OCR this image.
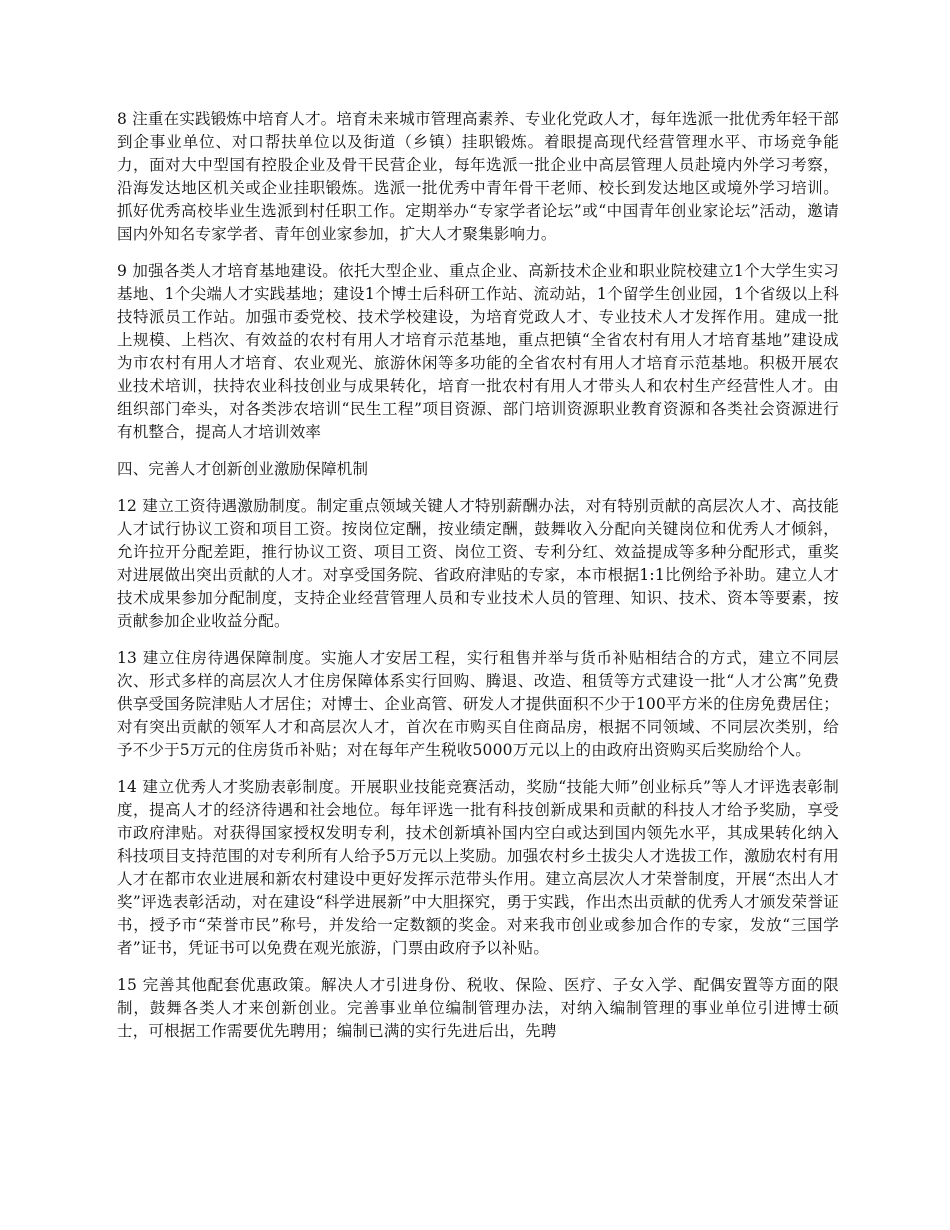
8 注重在实践锻炼中培育人才。培育未来城市管理高素养、专业化党政人才，每年选派一批优秀年轻干部到企事业单位、对口帮扶单位以及街道（乡镇）挂职锻炼。着眼提高现代经营管理水平、市场竞争能力，面对大中型国有控股企业及骨干民营企业，每年选派一批企业中高层管理人员赴境内外学习考察，沿海发达地区机关或企业挂职锻炼。选派一批优秀中青年骨干老师、校长到发达地区或境外学习培训。抓好优秀高校毕业生选派到村任职工作。定期举办“专家学者论坛”或“中国青年创业家论坛”活动，邀请国内外知名专家学者、青年创业家参加，扩大人才聚集影响力。

9 加强各类人才培育基地建设。依托大型企业、重点企业、高新技术企业和职业院校建立1个大学生实习基地、1个尖端人才实践基地；建设1个博士后科研工作站、流动站，1个留学生创业园，1个省级以上科技特派员工作站。加强市委党校、技术学校建设，为培育党政人才、专业技术人才发挥作用。建成一批上规模、上档次、有效益的农村有用人才培育示范基地，重点把镇“全省农村有用人才培育基地”建设成为市农村有用人才培育、农业观光、旅游休闲等多功能的全省农村有用人才培育示范基地。积极开展农业技术培训，扶持农业科技创业与成果转化，培育一批农村有用人才带头人和农村生产经营性人才。由组织部门牵头，对各类涉农培训“民生工程”项目资源、部门培训资源职业教育资源和各类社会资源进行有机整合，提高人才培训效率

四、完善人才创新创业激励保障机制

12 建立工资待遇激励制度。制定重点领域关键人才特别薪酬办法，对有特别贡献的高层次人才、高技能人才试行协议工资和项目工资。按岗位定酬，按业绩定酬，鼓舞收入分配向关键岗位和优秀人才倾斜，允许拉开分配差距，推行协议工资、项目工资、岗位工资、专利分红、效益提成等多种分配形式，重奖对进展做出突出贡献的人才。对享受国务院、省政府津贴的专家，本市根据1:1比例给予补助。建立人才技术成果参加分配制度，支持企业经营管理人员和专业技术人员的管理、知识、技术、资本等要素，按贡献参加企业收益分配。

13 建立住房待遇保障制度。实施人才安居工程，实行租售并举与货币补贴相结合的方式，建立不同层次、形式多样的高层次人才住房保障体系实行回购、腾退、改造、租赁等方式建设一批“人才公寓”免费供享受国务院津贴人才居住；对博士、企业高管、研发人才提供面积不少于100平方米的住房免费居住；对有突出贡献的领军人才和高层次人才，首次在市购买自住商品房，根据不同领域、不同层次类别，给予不少于5万元的住房货币补贴；对在每年产生税收5000万元以上的由政府出资购买后奖励给个人。

14 建立优秀人才奖励表彰制度。开展职业技能竞赛活动，奖励“技能大师”创业标兵”等人才评选表彰制度，提高人才的经济待遇和社会地位。每年评选一批有科技创新成果和贡献的科技人才给予奖励，享受市政府津贴。对获得国家授权发明专利，技术创新填补国内空白或达到国内领先水平，其成果转化纳入科技项目支持范围的对专利所有人给予5万元以上奖励。加强农村乡土拔尖人才选拔工作，激励农村有用人才在都市农业进展和新农村建设中更好发挥示范带头作用。建立高层次人才荣誉制度，开展“杰出人才奖”评选表彰活动，对在建设“科学进展新”中大胆探究，勇于实践，作出杰出贡献的优秀人才颁发荣誉证书，授予市“荣誉市民”称号，并发给一定数额的奖金。对来我市创业或参加合作的专家，发放“三国学者”证书，凭证书可以免费在观光旅游，门票由政府予以补贴。

15 完善其他配套优惠政策。解决人才引进身份、税收、保险、医疗、子女入学、配偶安置等方面的限制，鼓舞各类人才来创新创业。完善事业单位编制管理办法，对纳入编制管理的事业单位引进博士硕士，可根据工作需要优先聘用；编制已满的实行先进后出，先聘
